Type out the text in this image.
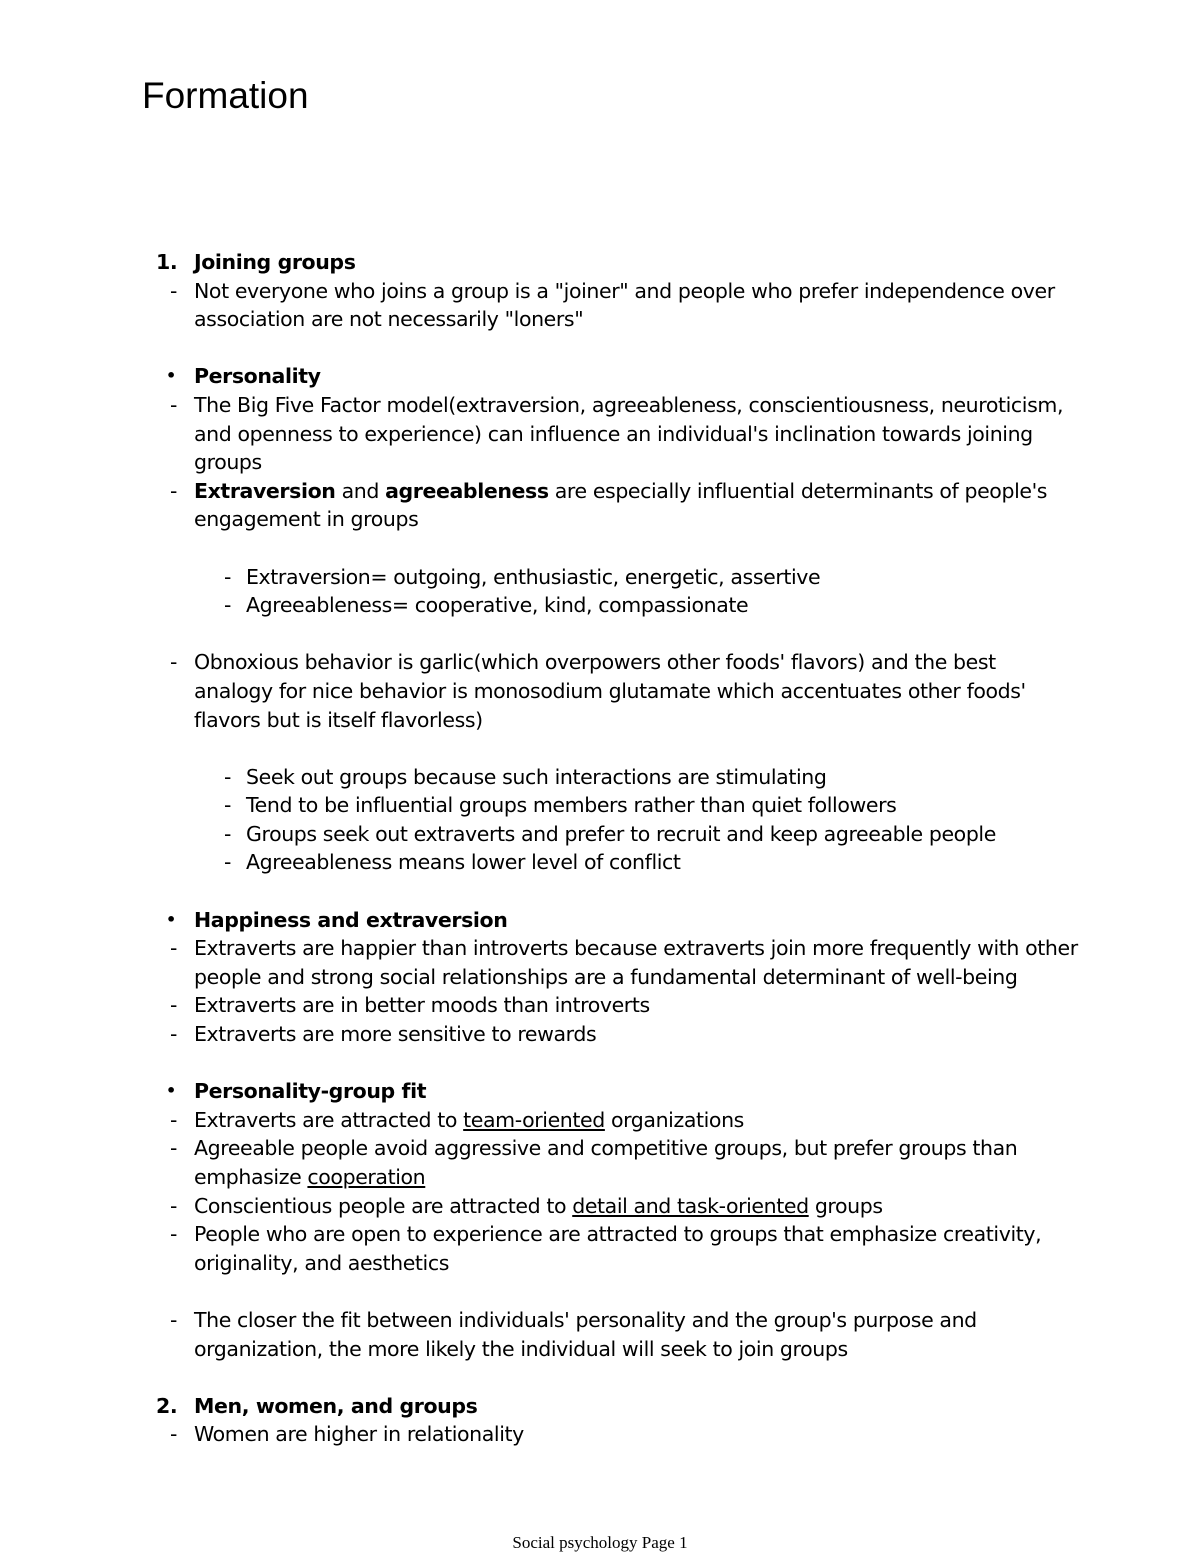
Formation
1. Joining groups
- Not everyone who joins a group is a "joiner" and people who prefer independence over association are not necessarily "loners"
• Personality
- The Big Five Factor model(extraversion, agreeableness, conscientiousness, neuroticism, and openness to experience) can influence an individual's inclination towards joining groups
- Extraversion and agreeableness are especially influential determinants of people's engagement in groups
- Extraversion= outgoing, enthusiastic, energetic, assertive
- Agreeableness= cooperative, kind, compassionate
- Obnoxious behavior is garlic(which overpowers other foods' flavors) and the best analogy for nice behavior is monosodium glutamate which accentuates other foods' flavors but is itself flavorless)
- Seek out groups because such interactions are stimulating
- Tend to be influential groups members rather than quiet followers
- Groups seek out extraverts and prefer to recruit and keep agreeable people
- Agreeableness means lower level of conflict
• Happiness and extraversion
- Extraverts are happier than introverts because extraverts join more frequently with other people and strong social relationships are a fundamental determinant of well-being
- Extraverts are in better moods than introverts
- Extraverts are more sensitive to rewards
• Personality-group fit
- Extraverts are attracted to team-oriented organizations
- Agreeable people avoid aggressive and competitive groups, but prefer groups than emphasize cooperation
- Conscientious people are attracted to detail and task-oriented groups
- People who are open to experience are attracted to groups that emphasize creativity, originality, and aesthetics
- The closer the fit between individuals' personality and the group's purpose and organization, the more likely the individual will seek to join groups
2. Men, women, and groups
- Women are higher in relationality
Social psychology Page 1
